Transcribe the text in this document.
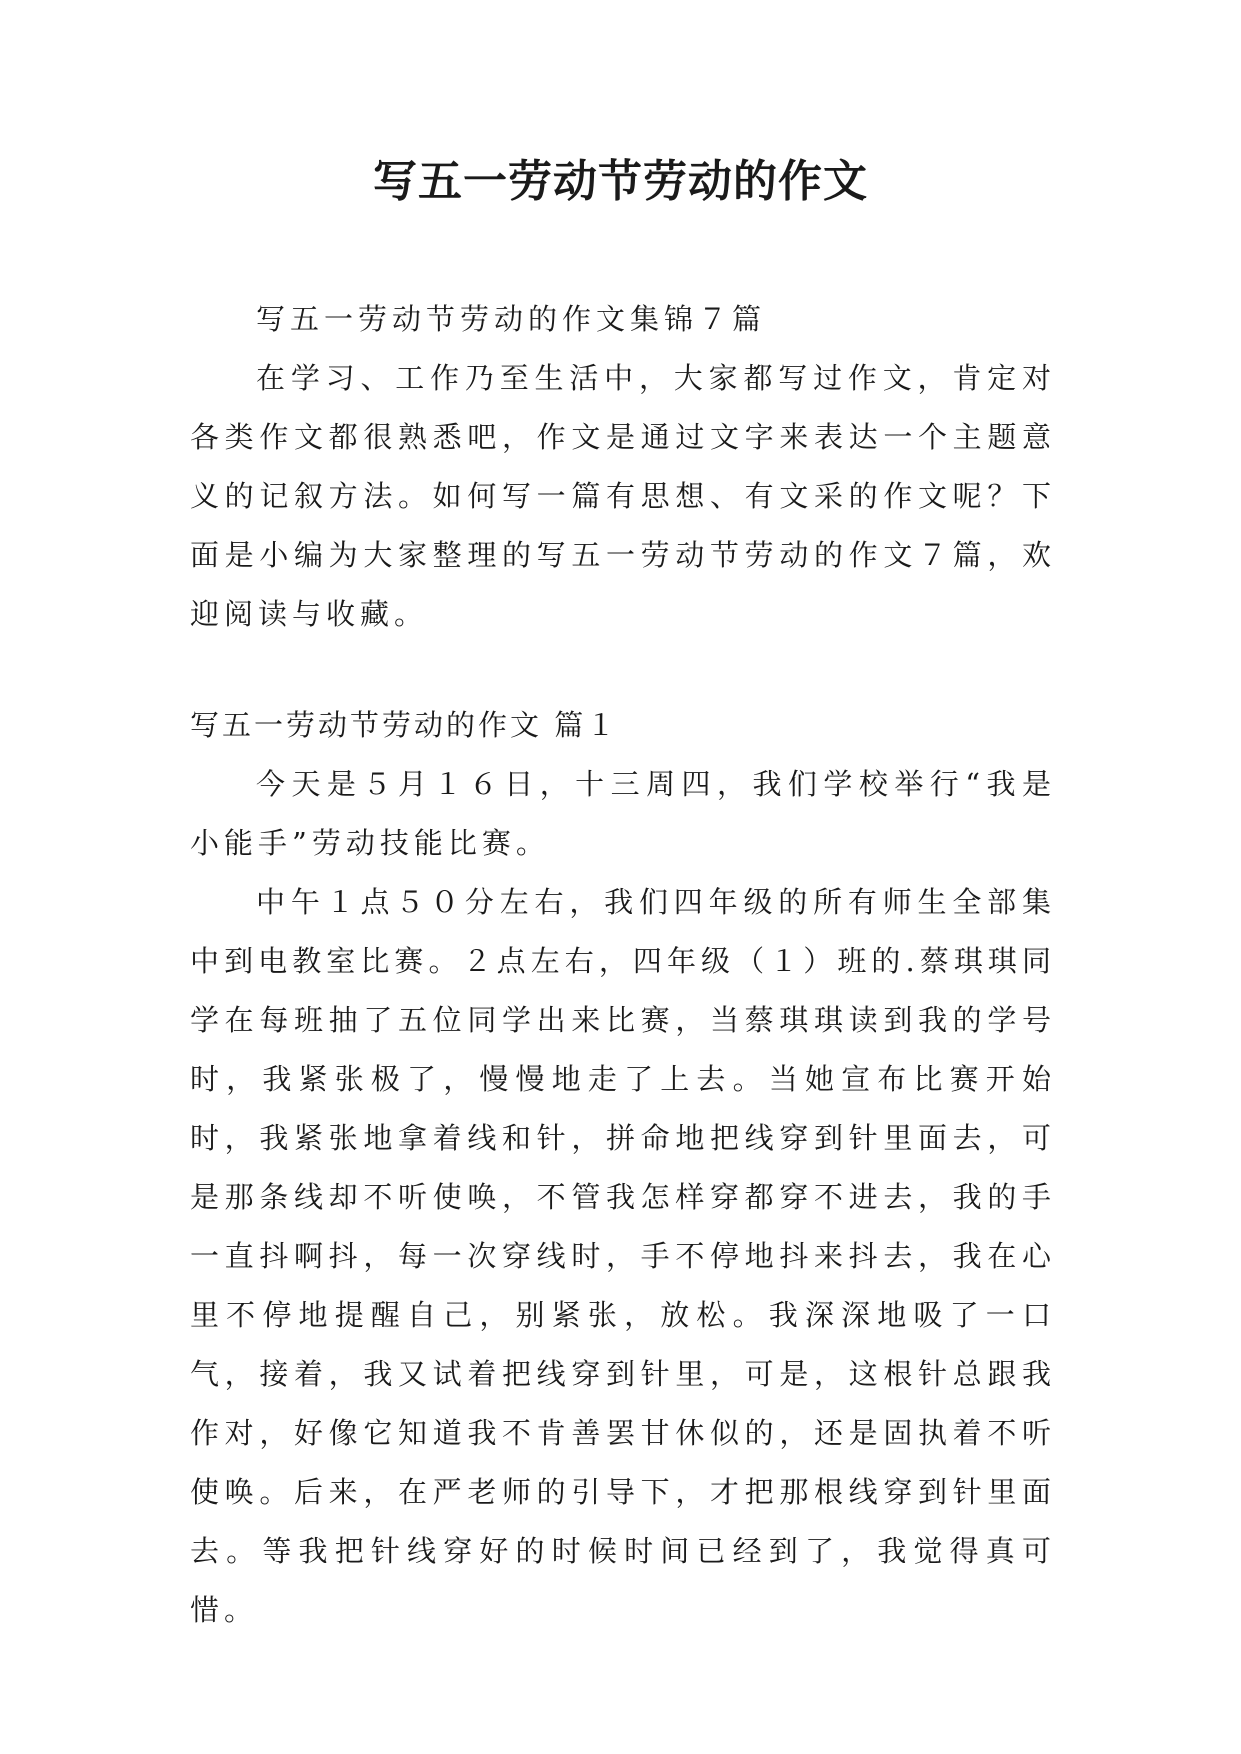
写五一劳动节劳动的作文

写五一劳动节劳动的作文集锦７篇

在学习、工作乃至生活中，大家都写过作文，肯定对各类作文都很熟悉吧，作文是通过文字来表达一个主题意义的记叙方法。如何写一篇有思想、有文采的作文呢？下面是小编为大家整理的写五一劳动节劳动的作文７篇，欢迎阅读与收藏。

写五一劳动节劳动的作文 篇１

今天是５月１６日，十三周四，我们学校举行“我是小能手”劳动技能比赛。

中午１点５０分左右，我们四年级的所有师生全部集中到电教室比赛。２点左右，四年级（１）班的.蔡琪琪同学在每班抽了五位同学出来比赛，当蔡琪琪读到我的学号时，我紧张极了，慢慢地走了上去。当她宣布比赛开始时，我紧张地拿着线和针，拼命地把线穿到针里面去，可是那条线却不听使唤，不管我怎样穿都穿不进去，我的手一直抖啊抖，每一次穿线时，手不停地抖来抖去，我在心里不停地提醒自己，别紧张，放松。我深深地吸了一口气，接着，我又试着把线穿到针里，可是，这根针总跟我作对，好像它知道我不肯善罢甘休似的，还是固执着不听使唤。后来，在严老师的引导下，才把那根线穿到针里面去。等我把针线穿好的时候时间已经到了，我觉得真可惜。
